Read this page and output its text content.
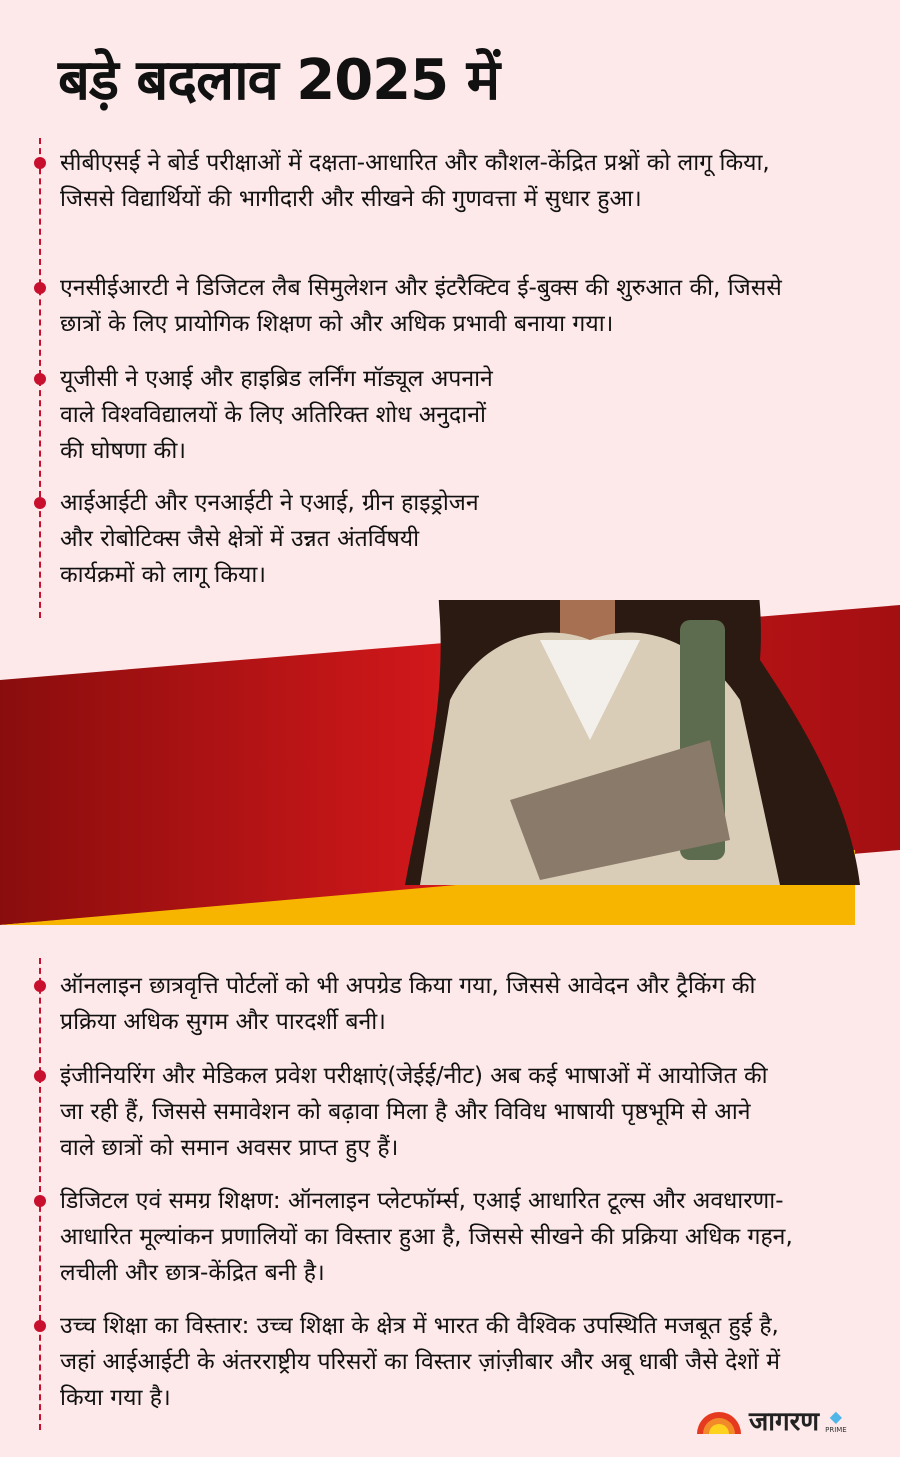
बड़े बदलाव 2025 में
सीबीएसई ने बोर्ड परीक्षाओं में दक्षता-आधारित और कौशल-केंद्रित प्रश्नों को लागू किया, जिससे विद्यार्थियों की भागीदारी और सीखने की गुणवत्ता में सुधार हुआ।
एनसीईआरटी ने डिजिटल लैब सिमुलेशन और इंटरैक्टिव ई-बुक्स की शुरुआत की, जिससे छात्रों के लिए प्रायोगिक शिक्षण को और अधिक प्रभावी बनाया गया।
यूजीसी ने एआई और हाइब्रिड लर्निंग मॉड्यूल अपनाने वाले विश्वविद्यालयों के लिए अतिरिक्त शोध अनुदानों की घोषणा की।
आईआईटी और एनआईटी ने एआई, ग्रीन हाइड्रोजन और रोबोटिक्स जैसे क्षेत्रों में उन्नत अंतर्विषयी कार्यक्रमों को लागू किया।
ऑनलाइन छात्रवृत्ति पोर्टलों को भी अपग्रेड किया गया, जिससे आवेदन और ट्रैकिंग की प्रक्रिया अधिक सुगम और पारदर्शी बनी।
इंजीनियरिंग और मेडिकल प्रवेश परीक्षाएं(जेईई/नीट) अब कई भाषाओं में आयोजित की जा रही हैं, जिससे समावेशन को बढ़ावा मिला है और विविध भाषायी पृष्ठभूमि से आने वाले छात्रों को समान अवसर प्राप्त हुए हैं।
डिजिटल एवं समग्र शिक्षण: ऑनलाइन प्लेटफॉर्म्स, एआई आधारित टूल्स और अवधारणा-आधारित मूल्यांकन प्रणालियों का विस्तार हुआ है, जिससे सीखने की प्रक्रिया अधिक गहन, लचीली और छात्र-केंद्रित बनी है।
उच्च शिक्षा का विस्तार: उच्च शिक्षा के क्षेत्र में भारत की वैश्विक उपस्थिति मजबूत हुई है, जहां आईआईटी के अंतरराष्ट्रीय परिसरों का विस्तार ज़ांज़ीबार और अबू धाबी जैसे देशों में किया गया है।
जागरण ◆
PRIME
